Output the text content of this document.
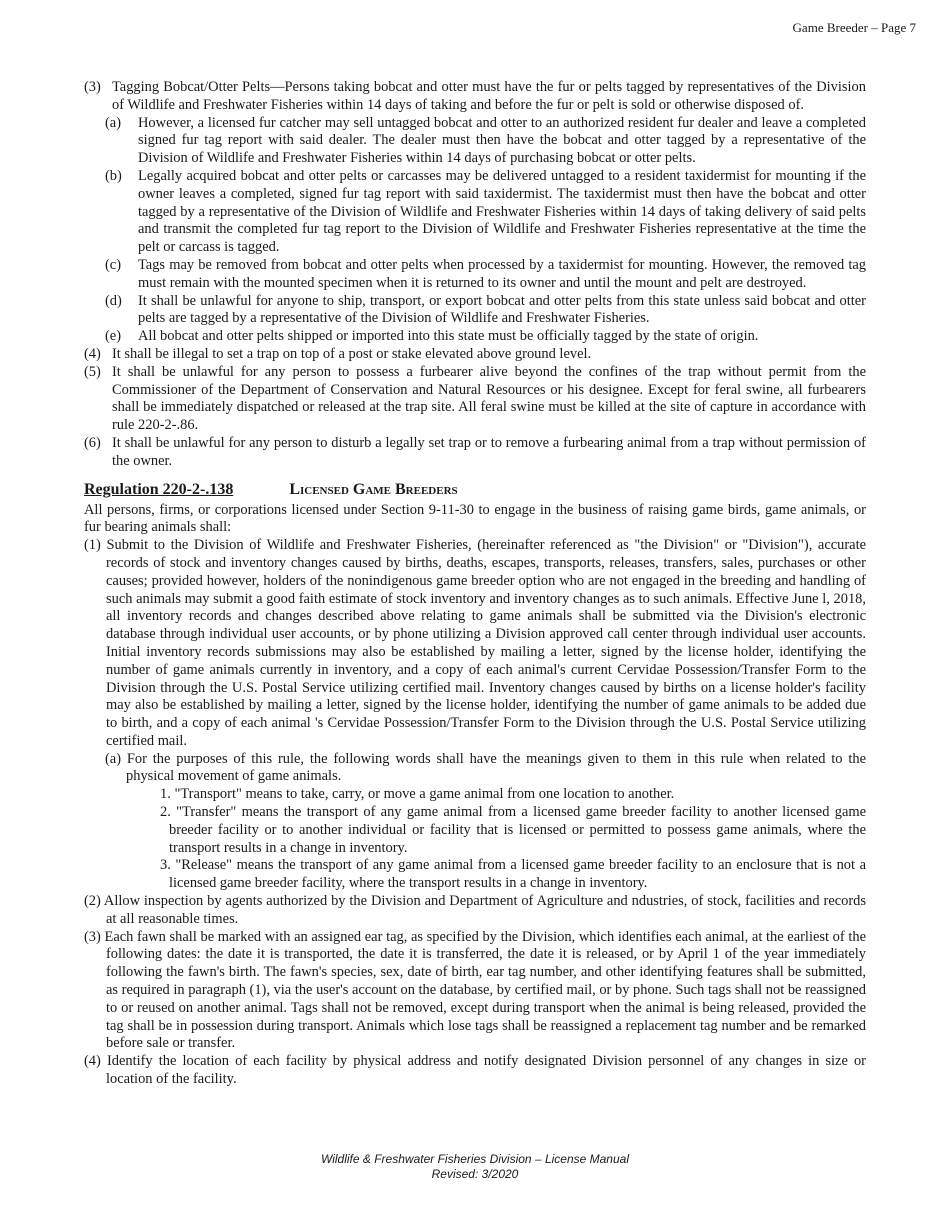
Game Breeder – Page 7
(3) Tagging Bobcat/Otter Pelts—Persons taking bobcat and otter must have the fur or pelts tagged by representatives of the Division of Wildlife and Freshwater Fisheries within 14 days of taking and before the fur or pelt is sold or otherwise disposed of.
(a) However, a licensed fur catcher may sell untagged bobcat and otter to an authorized resident fur dealer and leave a completed signed fur tag report with said dealer. The dealer must then have the bobcat and otter tagged by a representative of the Division of Wildlife and Freshwater Fisheries within 14 days of purchasing bobcat or otter pelts.
(b) Legally acquired bobcat and otter pelts or carcasses may be delivered untagged to a resident taxidermist for mounting if the owner leaves a completed, signed fur tag report with said taxidermist. The taxidermist must then have the bobcat and otter tagged by a representative of the Division of Wildlife and Freshwater Fisheries within 14 days of taking delivery of said pelts and transmit the completed fur tag report to the Division of Wildlife and Freshwater Fisheries representative at the time the pelt or carcass is tagged.
(c) Tags may be removed from bobcat and otter pelts when processed by a taxidermist for mounting. However, the removed tag must remain with the mounted specimen when it is returned to its owner and until the mount and pelt are destroyed.
(d) It shall be unlawful for anyone to ship, transport, or export bobcat and otter pelts from this state unless said bobcat and otter pelts are tagged by a representative of the Division of Wildlife and Freshwater Fisheries.
(e) All bobcat and otter pelts shipped or imported into this state must be officially tagged by the state of origin.
(4) It shall be illegal to set a trap on top of a post or stake elevated above ground level.
(5) It shall be unlawful for any person to possess a furbearer alive beyond the confines of the trap without permit from the Commissioner of the Department of Conservation and Natural Resources or his designee. Except for feral swine, all furbearers shall be immediately dispatched or released at the trap site. All feral swine must be killed at the site of capture in accordance with rule 220-2-.86.
(6) It shall be unlawful for any person to disturb a legally set trap or to remove a furbearing animal from a trap without permission of the owner.
Regulation 220-2-.138	Licensed Game Breeders
All persons, firms, or corporations licensed under Section 9-11-30 to engage in the business of raising game birds, game animals, or fur bearing animals shall:
(1) Submit to the Division of Wildlife and Freshwater Fisheries, (hereinafter referenced as "the Division" or "Division"), accurate records of stock and inventory changes caused by births, deaths, escapes, transports, releases, transfers, sales, purchases or other causes; provided however, holders of the nonindigenous game breeder option who are not engaged in the breeding and handling of such animals may submit a good faith estimate of stock inventory and inventory changes as to such animals. Effective June l, 2018, all inventory records and changes described above relating to game animals shall be submitted via the Division's electronic database through individual user accounts, or by phone utilizing a Division approved call center through individual user accounts. Initial inventory records submissions may also be established by mailing a letter, signed by the license holder, identifying the number of game animals currently in inventory, and a copy of each animal's current Cervidae Possession/Transfer Form to the Division through the U.S. Postal Service utilizing certified mail. Inventory changes caused by births on a license holder's facility may also be established by mailing a letter, signed by the license holder, identifying the number of game animals to be added due to birth, and a copy of each animal 's Cervidae Possession/Transfer Form to the Division through the U.S. Postal Service utilizing certified mail.
(a) For the purposes of this rule, the following words shall have the meanings given to them in this rule when related to the physical movement of game animals.
1. "Transport" means to take, carry, or move a game animal from one location to another.
2. "Transfer" means the transport of any game animal from a licensed game breeder facility to another licensed game breeder facility or to another individual or facility that is licensed or permitted to possess game animals, where the transport results in a change in inventory.
3. "Release" means the transport of any game animal from a licensed game breeder facility to an enclosure that is not a licensed game breeder facility, where the transport results in a change in inventory.
(2) Allow inspection by agents authorized by the Division and Department of Agriculture and ndustries, of stock, facilities and records at all reasonable times.
(3) Each fawn shall be marked with an assigned ear tag, as specified by the Division, which identifies each animal, at the earliest of the following dates: the date it is transported, the date it is transferred, the date it is released, or by April 1 of the year immediately following the fawn's birth. The fawn's species, sex, date of birth, ear tag number, and other identifying features shall be submitted, as required in paragraph (1), via the user's account on the database, by certified mail, or by phone. Such tags shall not be reassigned to or reused on another animal. Tags shall not be removed, except during transport when the animal is being released, provided the tag shall be in possession during transport. Animals which lose tags shall be reassigned a replacement tag number and be remarked before sale or transfer.
(4) Identify the location of each facility by physical address and notify designated Division personnel of any changes in size or location of the facility.
Wildlife & Freshwater Fisheries Division – License Manual
Revised: 3/2020
